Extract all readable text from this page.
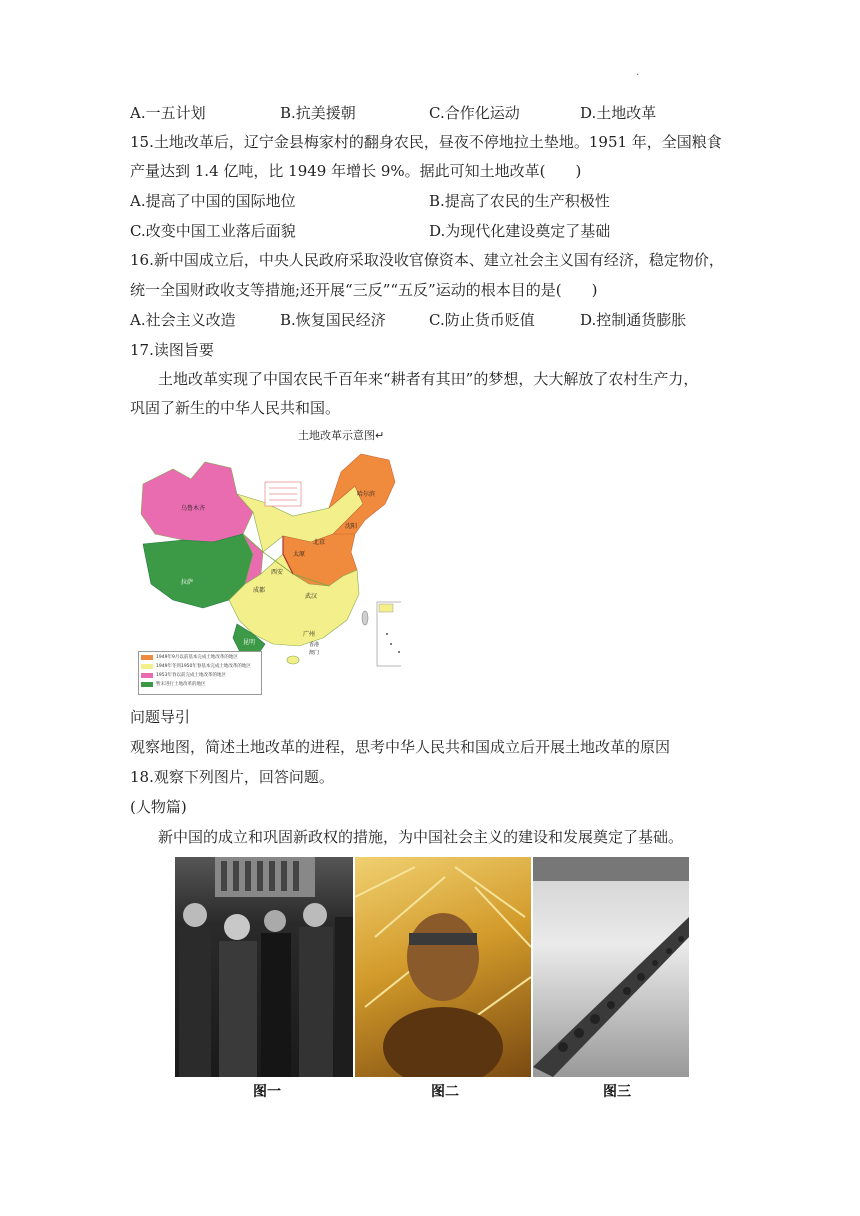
·
A.一五计划	B.抗美援朝	C.合作化运动	D.土地改革
15.土地改革后，辽宁金县梅家村的翻身农民，昼夜不停地拉土垫地。1951 年，全国粮食
产量达到 1.4 亿吨，比 1949 年增长 9%。据此可知土地改革(　　)
A.提高了中国的国际地位	B.提高了农民的生产积极性
C.改变中国工业落后面貌	D.为现代化建设奠定了基础
16.新中国成立后，中央人民政府采取没收官僚资本、建立社会主义国有经济，稳定物价，
统一全国财政收支等措施;还开展“三反”“五反”运动的根本目的是(　　)
A.社会主义改造	B.恢复国民经济	C.防止货币贬值	D.控制通货膨胀
17.读图旨要
土地改革实现了中国农民千百年来“耕者有其田”的梦想，大大解放了农村生产力，
巩固了新生的中华人民共和国。
乌鲁木齐
哈尔滨
沈阳
北京
太原
西安
武汉
成都
拉萨
昆明
广州
香港
澳门
土地改革示意图↵
1949年9月以前基本完成土地改革的地区
1949年冬到1950年春基本完成土地改革的地区
1953年春以前完成土地改革的地区
暂未进行土地改革的地区
问题导引
观察地图，简述土地改革的进程，思考中华人民共和国成立后开展土地改革的原因
18.观察下列图片，回答问题。
(人物篇)
新中国的成立和巩固新政权的措施，为中国社会主义的建设和发展奠定了基础。
图一	图二	图三
